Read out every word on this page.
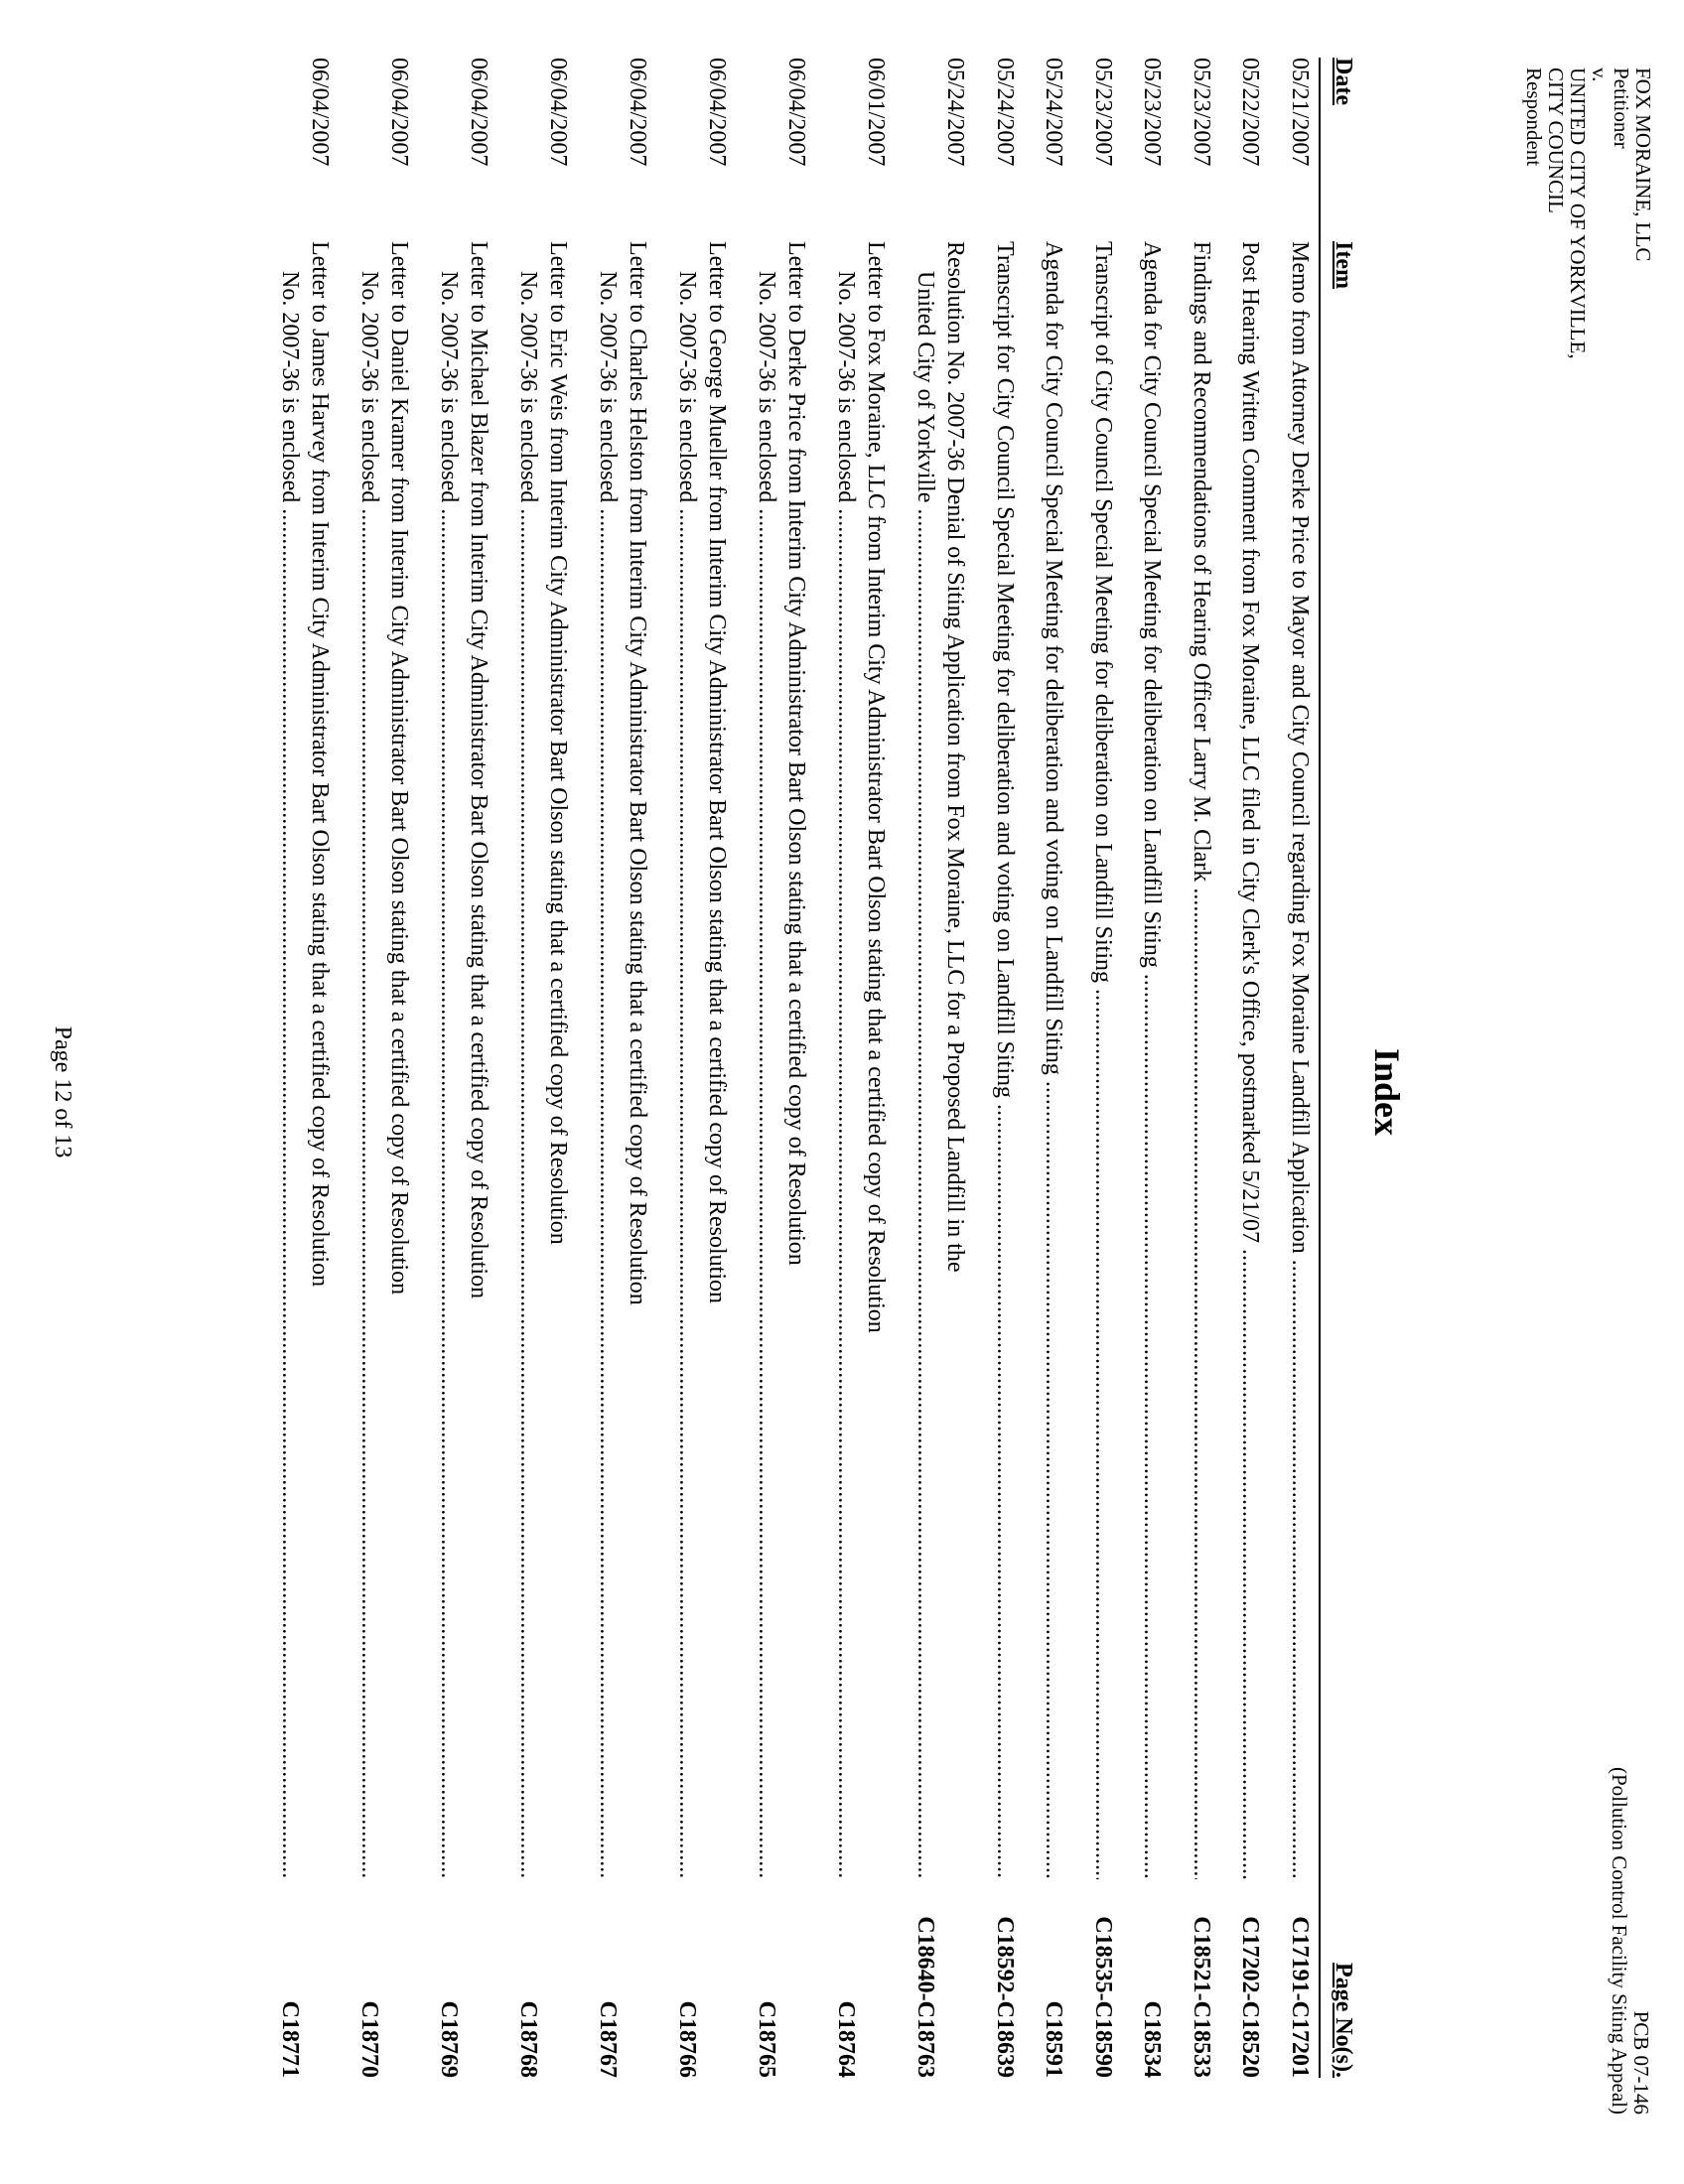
FOX MORAINE, LLC
Petitioner
v.
UNITED CITY OF YORKVILLE,
CITY COUNCIL
Respondent
PCB 07-146
(Pollution Control Facility Siting Appeal)
Index
Date
Item
Page No(s).
05/21/2007
Memo from Attorney Derke Price to Mayor and City Council regarding Fox Moraine Landfill Application .....
C17191-C17201
05/22/2007
Post Hearing Written Comment from Fox Moraine, LLC filed in City Clerk's Office, postmarked 5/21/07 .....
C17202-C18520
05/23/2007
Findings and Recommendations of Hearing Officer Larry M. Clark .....
C18521-C18533
05/23/2007
Agenda for City Council Special Meeting for deliberation on Landfill Siting .....
C18534
05/23/2007
Transcript of City Council Special Meeting for deliberation on Landfill Siting .....
C18535-C18590
05/24/2007
Agenda for City Council Special Meeting for deliberation and voting on Landfill Siting .....
C18591
05/24/2007
Transcript for City Council Special Meeting for deliberation and voting on Landfill Siting .....
C18592-C18639
05/24/2007
Resolution No. 2007-36 Denial of Siting Application from Fox Moraine, LLC for a Proposed Landfill in the
United City of Yorkville .....
C18640-C18763
06/01/2007
Letter to Fox Moraine, LLC from Interim City Administrator Bart Olson stating that a certified copy of Resolution
No. 2007-36 is enclosed .....
C18764
06/04/2007
Letter to Derke Price from Interim City Administrator Bart Olson stating that a certified copy of Resolution
No. 2007-36 is enclosed .....
C18765
06/04/2007
Letter to George Mueller from Interim City Administrator Bart Olson stating that a certified copy of Resolution
No. 2007-36 is enclosed .....
C18766
06/04/2007
Letter to Charles Helston from Interim City Administrator Bart Olson stating that a certified copy of Resolution
No. 2007-36 is enclosed .....
C18767
06/04/2007
Letter to Eric Weis from Interim City Administrator Bart Olson stating that a certified copy of Resolution
No. 2007-36 is enclosed .....
C18768
06/04/2007
Letter to Michael Blazer from Interim City Administrator Bart Olson stating that a certified copy of Resolution
No. 2007-36 is enclosed .....
C18769
06/04/2007
Letter to Daniel Kramer from Interim City Administrator Bart Olson stating that a certified copy of Resolution
No. 2007-36 is enclosed .....
C18770
06/04/2007
Letter to James Harvey from Interim City Administrator Bart Olson stating that a certified copy of Resolution
No. 2007-36 is enclosed .....
C18771
Page 12 of 13
